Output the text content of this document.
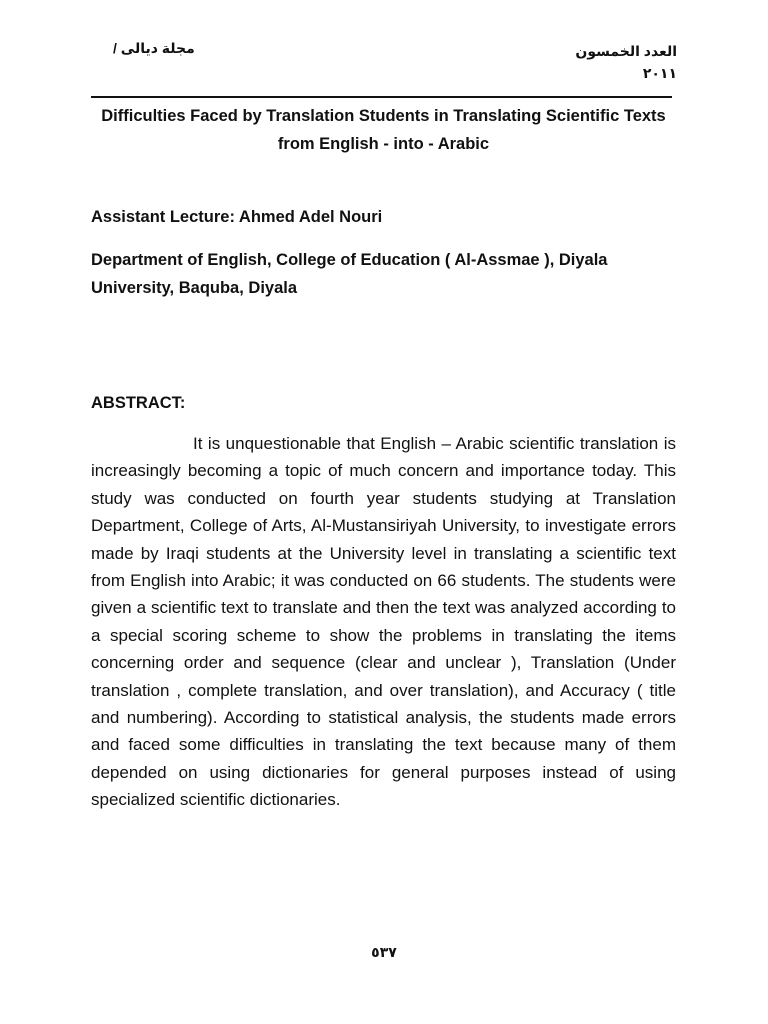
مجلة ديالى /	العدد الخمسون
٢٠١١
Difficulties Faced by Translation Students in Translating Scientific Texts from English - into - Arabic
Assistant Lecture: Ahmed Adel Nouri
Department of English, College of Education ( Al-Assmae ), Diyala University, Baquba, Diyala
ABSTRACT:
It is unquestionable that English – Arabic scientific translation is increasingly becoming a topic of much concern and importance today. This study was conducted on fourth year students studying at Translation Department, College of Arts, Al-Mustansiriyah University, to investigate errors made by Iraqi students at the University level in translating a scientific text from English into Arabic; it was conducted on 66 students. The students were given a scientific text to translate and then the text was analyzed according to a special scoring scheme to show the problems in translating the items concerning order and sequence (clear and unclear ), Translation (Under translation , complete translation, and over translation), and Accuracy ( title and numbering). According to statistical analysis, the students made errors and faced some difficulties in translating the text because many of them depended on using dictionaries for general purposes instead of using specialized scientific dictionaries.
٥٣٧
